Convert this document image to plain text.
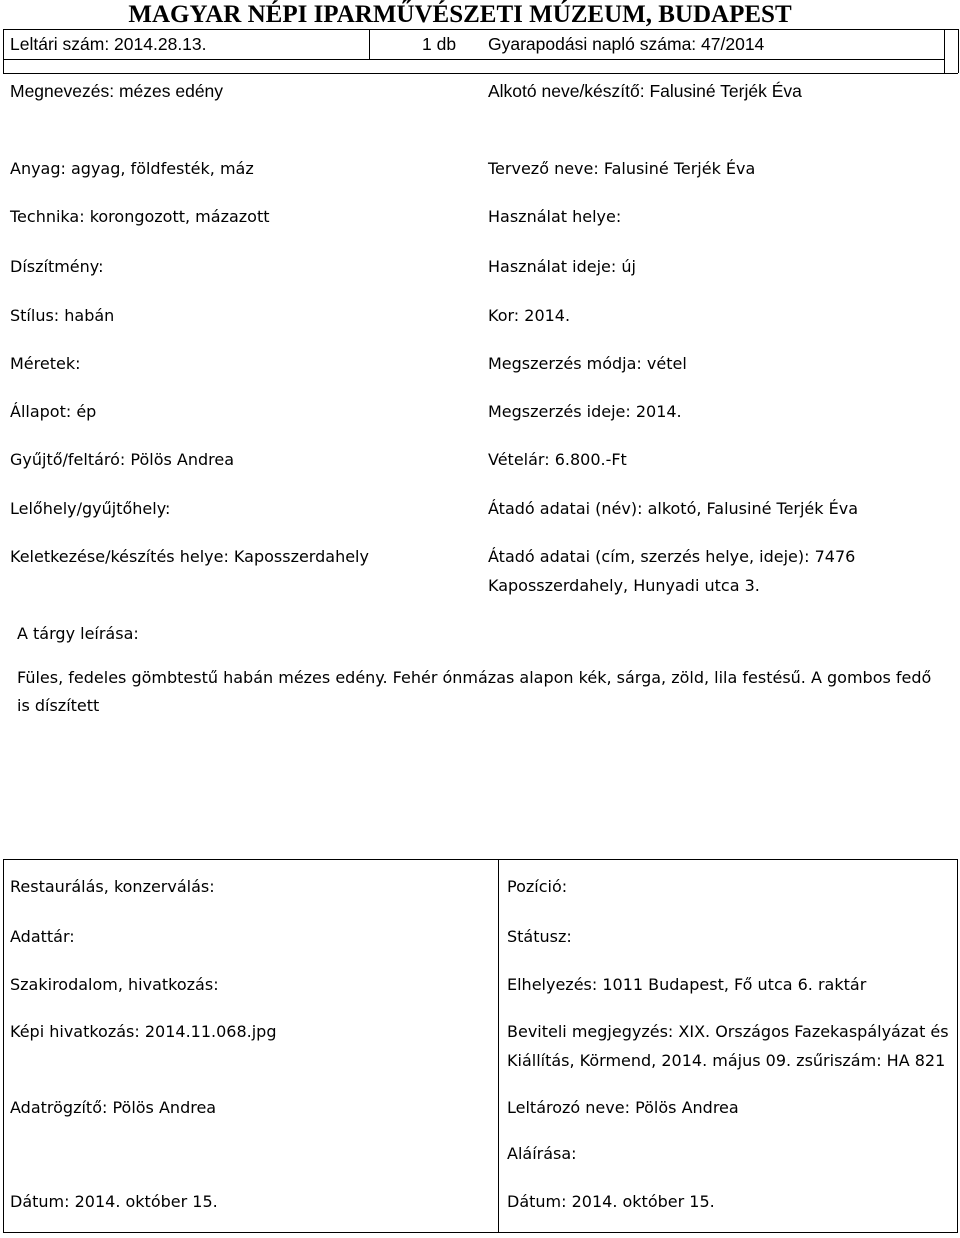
MAGYAR NÉPI IPARMŰVÉSZETI MÚZEUM, BUDAPEST
Leltári szám: 2014.28.13.	1 db Gyarapodási napló száma: 47/2014
Megnevezés: mézes edény	Alkotó neve/készítő: Falusiné Terjék Éva
Anyag: agyag, földfesték, máz	Tervező neve: Falusiné Terjék Éva
Technika: korongozott, mázazott	Használat helye:
Díszítmény:	Használat ideje: új
Stílus: habán	Kor: 2014.
Méretek:	Megszerzés módja: vétel
Állapot: ép	Megszerzés ideje: 2014.
Gyűjtő/feltáró: Pölös Andrea	Vételár: 6.800.-Ft
Lelőhely/gyűjtőhely:	Átadó adatai (név): alkotó, Falusiné Terjék Éva
Keletkezése/készítés helye: Kaposszerdahely	Átadó adatai (cím, szerzés helye, ideje): 7476
Kaposszerdahely, Hunyadi utca 3.
A tárgy leírása:
Füles, fedeles gömbtestű habán mézes edény. Fehér ónmázas alapon kék, sárga, zöld, lila festésű. A gombos fedő
is díszített
Restaurálás, konzerválás:	Pozíció:
Adattár:	Státusz:
Szakirodalom, hivatkozás:	Elhelyezés: 1011 Budapest, Fő utca 6. raktár
Képi hivatkozás: 2014.11.068.jpg	Beviteli megjegyzés: XIX. Országos Fazekaspályázat és
Kiállítás, Körmend, 2014. május 09. zsűriszám: HA 821
Adatrögzítő: Pölös Andrea	Leltározó neve: Pölös Andrea
Aláírása:
Dátum: 2014. október 15.	Dátum: 2014. október 15.
